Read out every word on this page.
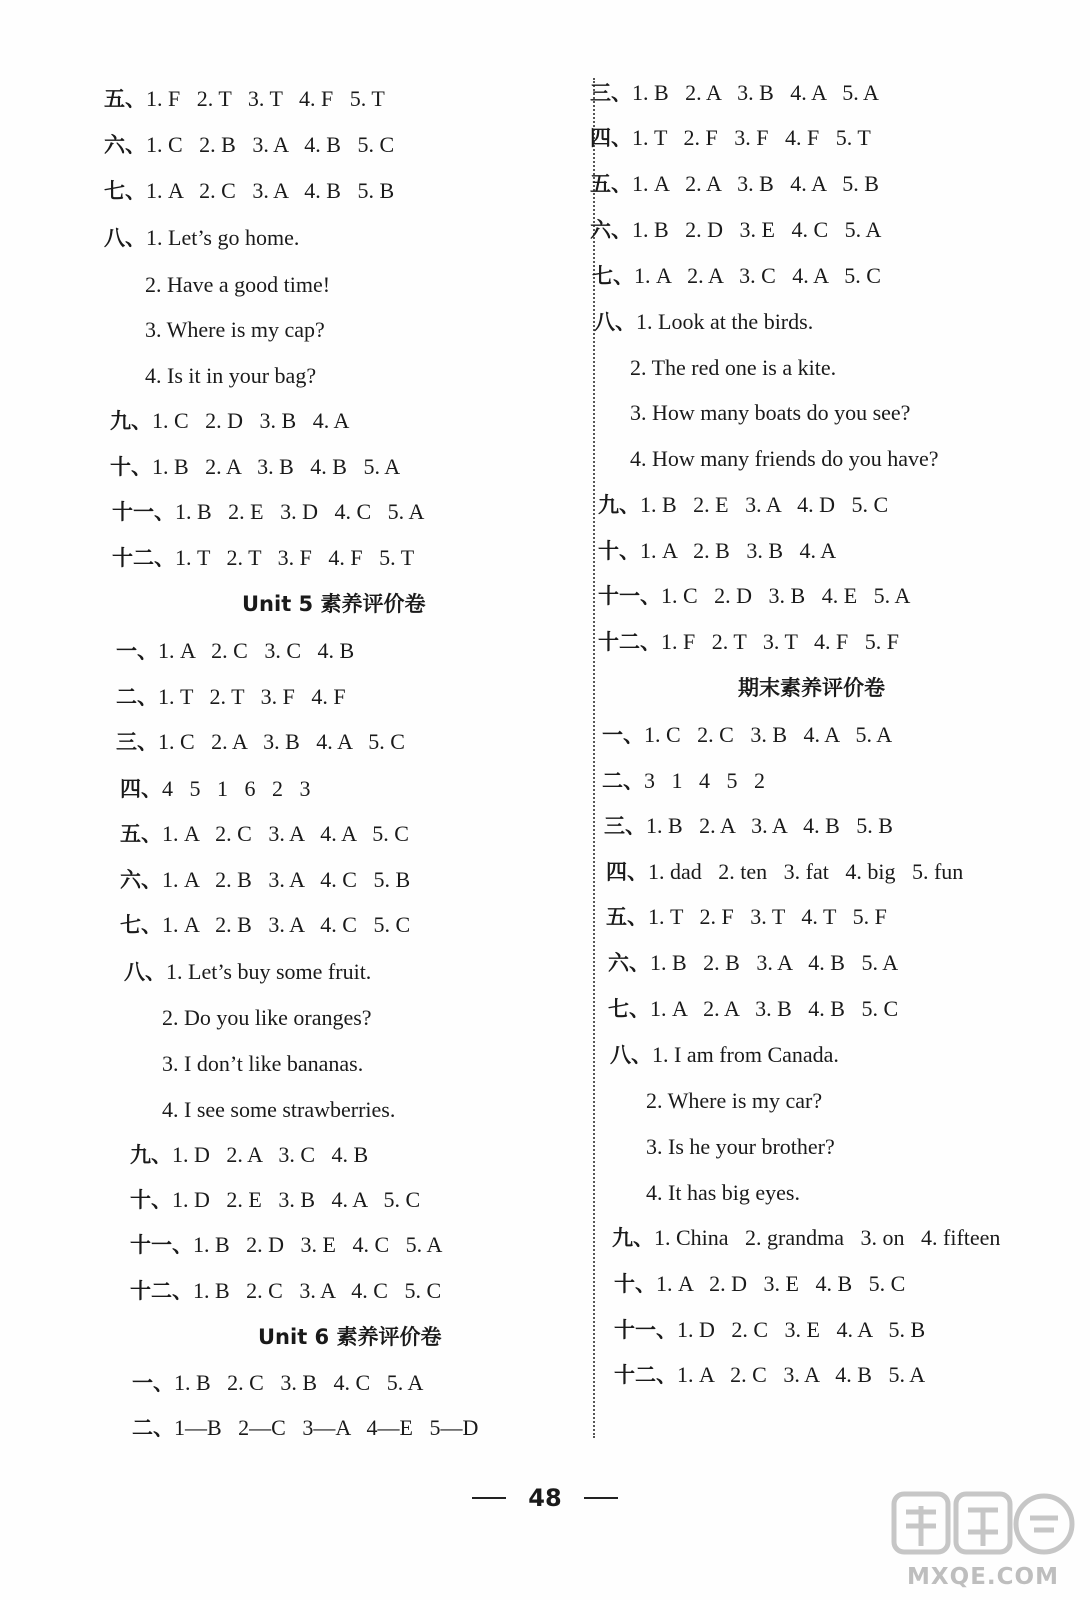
五、1. F   2. T   3. T   4. F   5. T
六、1. C   2. B   3. A   4. B   5. C
七、1. A   2. C   3. A   4. B   5. B
八、1. Let’s go home.
2. Have a good time!
3. Where is my cap?
4. Is it in your bag?
九、1. C   2. D   3. B   4. A
十、1. B   2. A   3. B   4. B   5. A
十一、1. B   2. E   3. D   4. C   5. A
十二、1. T   2. T   3. F   4. F   5. T
Unit 5 素养评价卷
一、1. A   2. C   3. C   4. B
二、1. T   2. T   3. F   4. F
三、1. C   2. A   3. B   4. A   5. C
四、4   5   1   6   2   3
五、1. A   2. C   3. A   4. A   5. C
六、1. A   2. B   3. A   4. C   5. B
七、1. A   2. B   3. A   4. C   5. C
八、1. Let’s buy some fruit.
2. Do you like oranges?
3. I don’t like bananas.
4. I see some strawberries.
九、1. D   2. A   3. C   4. B
十、1. D   2. E   3. B   4. A   5. C
十一、1. B   2. D   3. E   4. C   5. A
十二、1. B   2. C   3. A   4. C   5. C
Unit 6 素养评价卷
一、1. B   2. C   3. B   4. C   5. A
二、1—B   2—C   3—A   4—E   5—D
三、1. B   2. A   3. B   4. A   5. A
四、1. T   2. F   3. F   4. F   5. T
五、1. A   2. A   3. B   4. A   5. B
六、1. B   2. D   3. E   4. C   5. A
七、1. A   2. A   3. C   4. A   5. C
八、1. Look at the birds.
2. The red one is a kite.
3. How many boats do you see?
4. How many friends do you have?
九、1. B   2. E   3. A   4. D   5. C
十、1. A   2. B   3. B   4. A
十一、1. C   2. D   3. B   4. E   5. A
十二、1. F   2. T   3. T   4. F   5. F
期末素养评价卷
一、1. C   2. C   3. B   4. A   5. A
二、3   1   4   5   2
三、1. B   2. A   3. A   4. B   5. B
四、1. dad   2. ten   3. fat   4. big   5. fun
五、1. T   2. F   3. T   4. T   5. F
六、1. B   2. B   3. A   4. B   5. A
七、1. A   2. A   3. B   4. B   5. C
八、1. I am from Canada.
2. Where is my car?
3. Is he your brother?
4. It has big eyes.
九、1. China   2. grandma   3. on   4. fifteen
十、1. A   2. D   3. E   4. B   5. C
十一、1. D   2. C   3. E   4. A   5. B
十二、1. A   2. C   3. A   4. B   5. A
48
MXQE.COM
